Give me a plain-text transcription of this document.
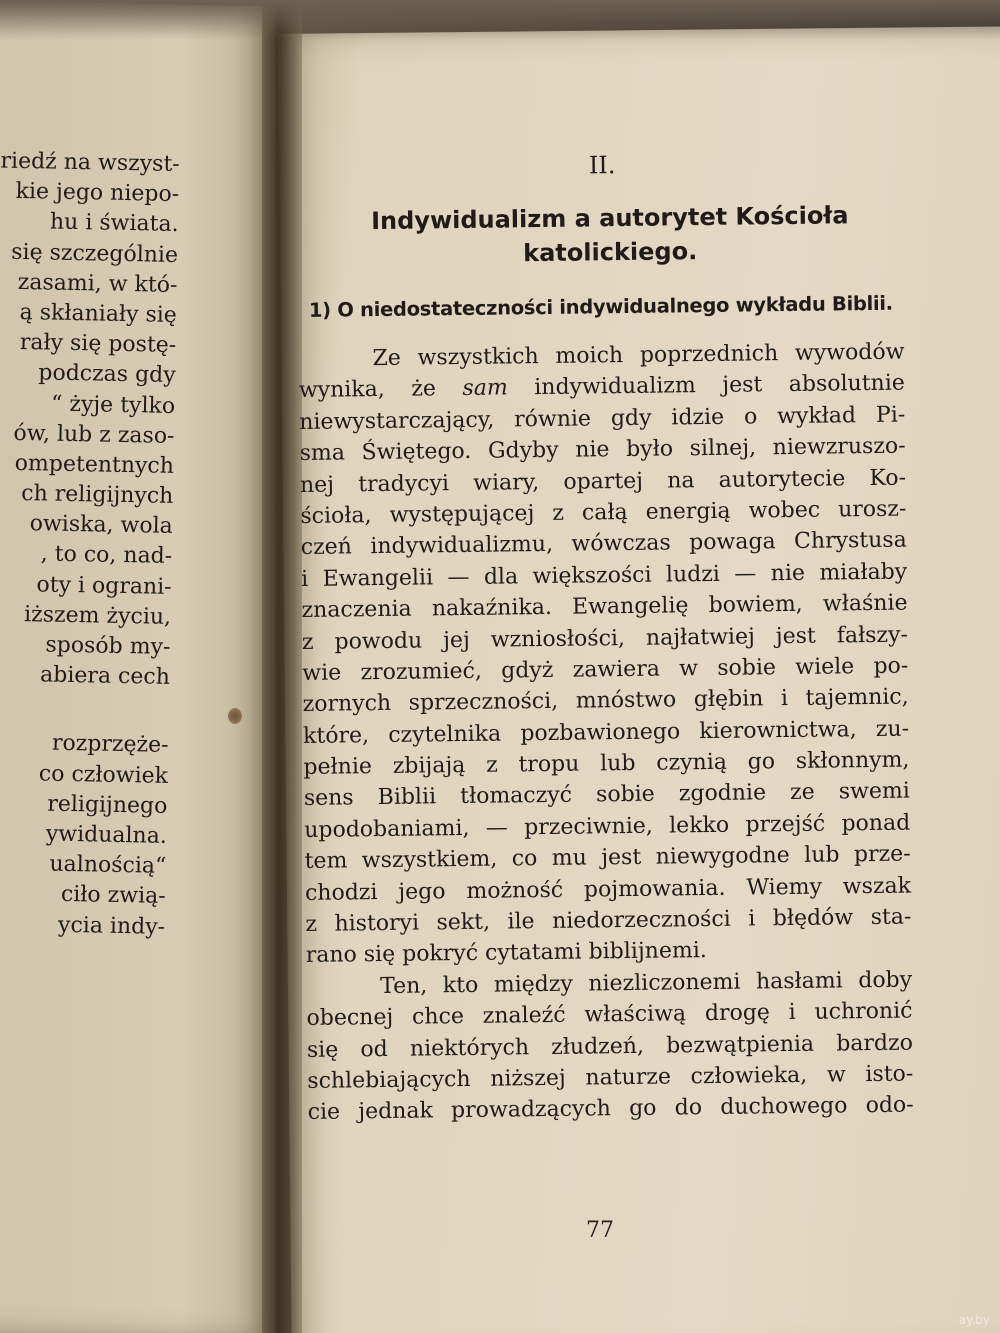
riedź na wszyst-
kie jego niepo-
hu i świata.
się szczególnie
zasami, w któ-
ą skłaniały się
rały się postę-
podczas gdy
“ żyje tylko
ów, lub z zaso-
ompetentnych
ch religijnych
owiska, wola
, to co, nad-
oty i ograni-
iższem życiu,
sposób my-
abiera cech
rozprzęże-
co człowiek
religijnego
ywidualna.
ualnością“
ciło zwią-
ycia indy-
II.
Indywidualizm a autorytet Kościoła
katolickiego.
1) O niedostateczności indywidualnego wykładu Biblii.
Ze wszystkich moich poprzednich wywodów
wynika, że sam indywidualizm jest absolutnie
niewystarczający, równie gdy idzie o wykład Pi-
sma Świętego. Gdyby nie było silnej, niewzruszo-
nej tradycyi wiary, opartej na autorytecie Ko-
ścioła, występującej z całą energią wobec urosz-
czeń indywidualizmu, wówczas powaga Chrystusa
i Ewangelii — dla większości ludzi — nie miałaby
znaczenia nakaźnika. Ewangelię bowiem, właśnie
z powodu jej wzniosłości, najłatwiej jest fałszy-
wie zrozumieć, gdyż zawiera w sobie wiele po-
zornych sprzeczności, mnóstwo głębin i tajemnic,
które, czytelnika pozbawionego kierownictwa, zu-
pełnie zbijają z tropu lub czynią go skłonnym,
sens Biblii tłomaczyć sobie zgodnie ze swemi
upodobaniami, — przeciwnie, lekko przejść ponad
tem wszystkiem, co mu jest niewygodne lub prze-
chodzi jego możność pojmowania. Wiemy wszak
z historyi sekt, ile niedorzeczności i błędów sta-
rano się pokryć cytatami biblijnemi.
Ten, kto między niezliczonemi hasłami doby
obecnej chce znaleźć właściwą drogę i uchronić
się od niektórych złudzeń, bezwątpienia bardzo
schlebiających niższej naturze człowieka, w isto-
cie jednak prowadzących go do duchowego odo-
77
ay.by
